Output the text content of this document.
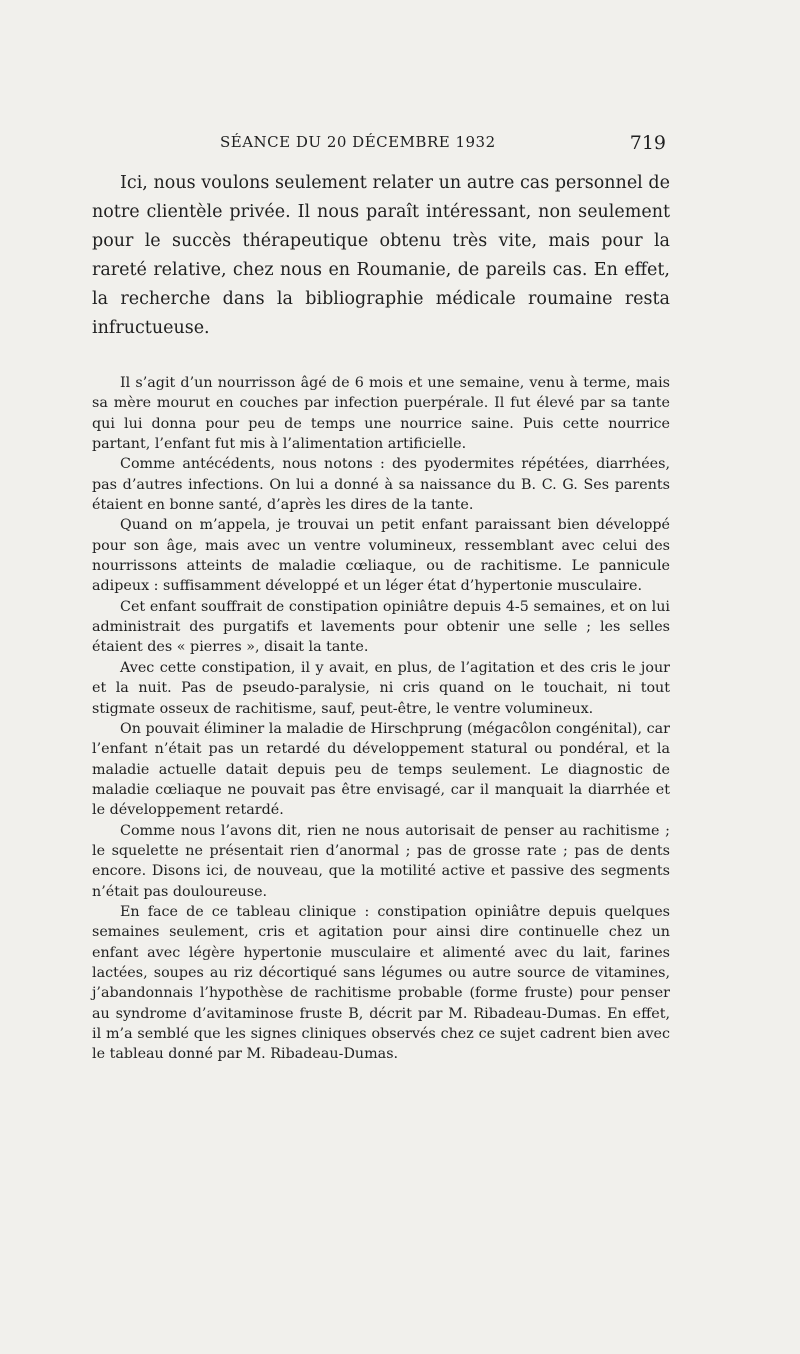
SÉANCE DU 20 DÉCEMBRE 1932	719

Ici, nous voulons seulement relater un autre cas personnel de notre clientèle privée. Il nous paraît intéressant, non seulement pour le succès thérapeutique obtenu très vite, mais pour la rareté relative, chez nous en Roumanie, de pareils cas. En effet, la recherche dans la bibliographie médicale roumaine resta infructueuse.

Il s’agit d’un nourrisson âgé de 6 mois et une semaine, venu à terme, mais sa mère mourut en couches par infection puerpérale. Il fut élevé par sa tante qui lui donna pour peu de temps une nourrice saine. Puis cette nourrice partant, l’enfant fut mis à l’alimentation artificielle.

Comme antécédents, nous notons : des pyodermites répétées, diarrhées, pas d’autres infections. On lui a donné à sa naissance du B. C. G. Ses parents étaient en bonne santé, d’après les dires de la tante.

Quand on m’appela, je trouvai un petit enfant paraissant bien développé pour son âge, mais avec un ventre volumineux, ressemblant avec celui des nourrissons atteints de maladie cœliaque, ou de rachitisme. Le pannicule adipeux : suffisamment développé et un léger état d’hypertonie musculaire.

Cet enfant souffrait de constipation opiniâtre depuis 4-5 semaines, et on lui administrait des purgatifs et lavements pour obtenir une selle ; les selles étaient des « pierres », disait la tante.

Avec cette constipation, il y avait, en plus, de l’agitation et des cris le jour et la nuit. Pas de pseudo-paralysie, ni cris quand on le touchait, ni tout stigmate osseux de rachitisme, sauf, peut-être, le ventre volumineux.

On pouvait éliminer la maladie de Hirschprung (mégacôlon congénital), car l’enfant n’était pas un retardé du développement statural ou pondéral, et la maladie actuelle datait depuis peu de temps seulement. Le diagnostic de maladie cœliaque ne pouvait pas être envisagé, car il manquait la diarrhée et le développement retardé.

Comme nous l’avons dit, rien ne nous autorisait de penser au rachitisme ; le squelette ne présentait rien d’anormal ; pas de grosse rate ; pas de dents encore. Disons ici, de nouveau, que la motilité active et passive des segments n’était pas douloureuse.

En face de ce tableau clinique : constipation opiniâtre depuis quelques semaines seulement, cris et agitation pour ainsi dire continuelle chez un enfant avec légère hypertonie musculaire et alimenté avec du lait, farines lactées, soupes au riz décortiqué sans légumes ou autre source de vitamines, j’abandonnais l’hypothèse de rachitisme probable (forme fruste) pour penser au syndrome d’avitaminose fruste B, décrit par M. Ribadeau-Dumas. En effet, il m’a semblé que les signes cliniques observés chez ce sujet cadrent bien avec le tableau donné par M. Ribadeau-Dumas.
